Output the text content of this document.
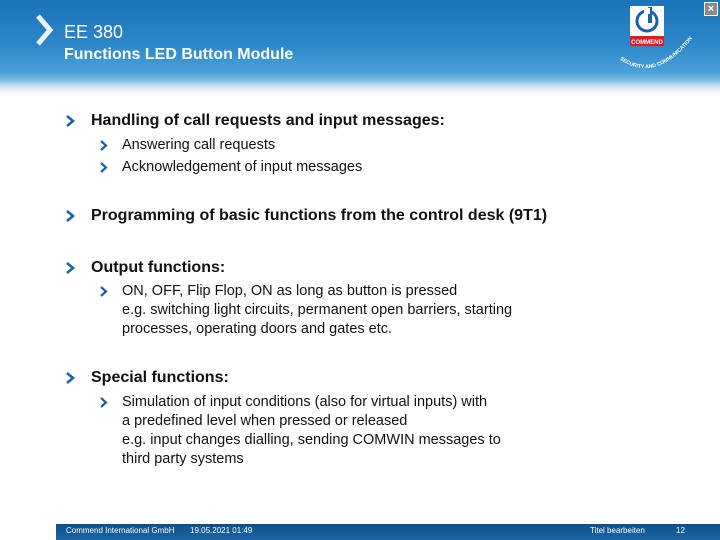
EE 380
Functions LED Button Module
COMMEND
SECURITY AND COMMUNICATION
×
Handling of call requests and input messages:
Answering call requests
Acknowledgement of input messages
Programming of basic functions from the control desk (9T1)
Output functions:
ON, OFF, Flip Flop, ON as long as button is pressed
e.g. switching light circuits, permanent open barriers, starting
processes, operating doors and gates etc.
Special functions:
Simulation of input conditions (also for virtual inputs) with
a predefined level when pressed or released
e.g. input changes dialling, sending COMWIN messages to
third party systems
Commend International GmbH 19.05.2021 01:49	Titel bearbeiten	12
